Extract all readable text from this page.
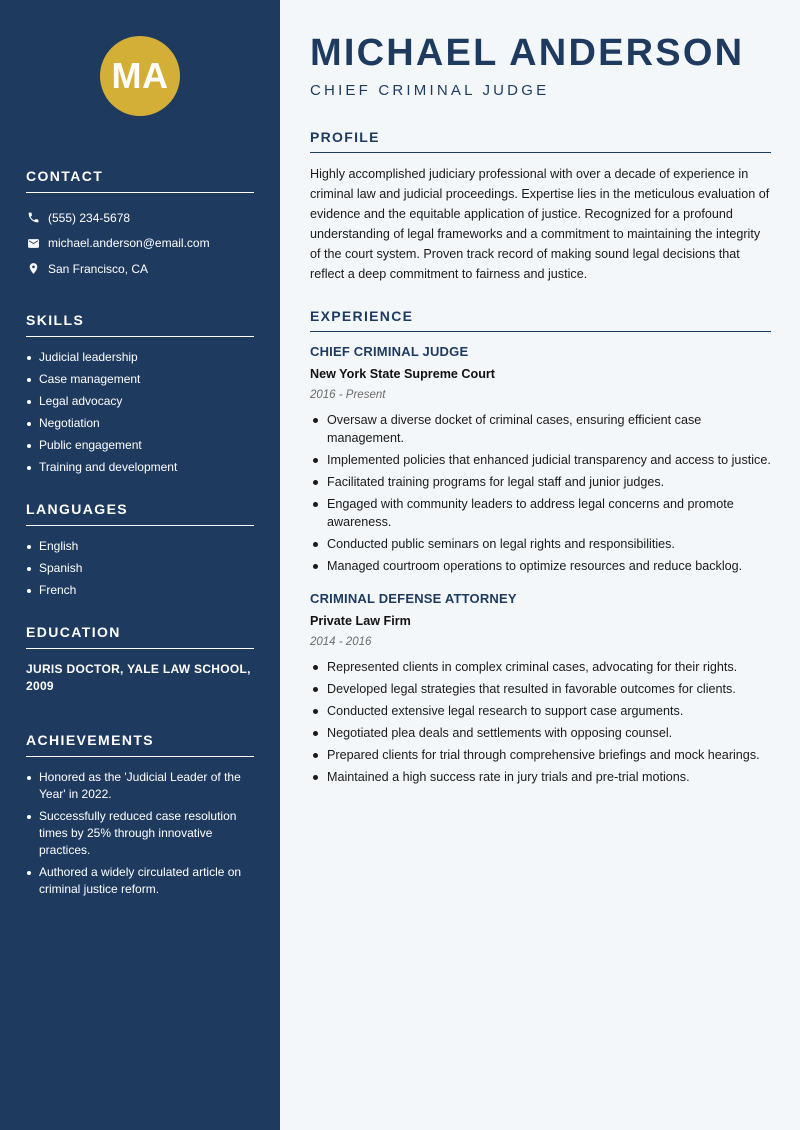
MA
CONTACT
(555) 234-5678
michael.anderson@email.com
San Francisco, CA
SKILLS
Judicial leadership
Case management
Legal advocacy
Negotiation
Public engagement
Training and development
LANGUAGES
English
Spanish
French
EDUCATION
JURIS DOCTOR, YALE LAW SCHOOL, 2009
ACHIEVEMENTS
Honored as the 'Judicial Leader of the Year' in 2022.
Successfully reduced case resolution times by 25% through innovative practices.
Authored a widely circulated article on criminal justice reform.
MICHAEL ANDERSON
CHIEF CRIMINAL JUDGE
PROFILE

Highly accomplished judiciary professional with over a decade of experience in criminal law and judicial proceedings. Expertise lies in the meticulous evaluation of evidence and the equitable application of justice. Recognized for a profound understanding of legal frameworks and a commitment to maintaining the integrity of the court system. Proven track record of making sound legal decisions that reflect a deep commitment to fairness and justice.

EXPERIENCE
CHIEF CRIMINAL JUDGE
New York State Supreme Court
2016 - Present
Oversaw a diverse docket of criminal cases, ensuring efficient case management.
Implemented policies that enhanced judicial transparency and access to justice.
Facilitated training programs for legal staff and junior judges.
Engaged with community leaders to address legal concerns and promote awareness.
Conducted public seminars on legal rights and responsibilities.
Managed courtroom operations to optimize resources and reduce backlog.
CRIMINAL DEFENSE ATTORNEY
Private Law Firm
2014 - 2016
Represented clients in complex criminal cases, advocating for their rights.
Developed legal strategies that resulted in favorable outcomes for clients.
Conducted extensive legal research to support case arguments.
Negotiated plea deals and settlements with opposing counsel.
Prepared clients for trial through comprehensive briefings and mock hearings.
Maintained a high success rate in jury trials and pre-trial motions.
